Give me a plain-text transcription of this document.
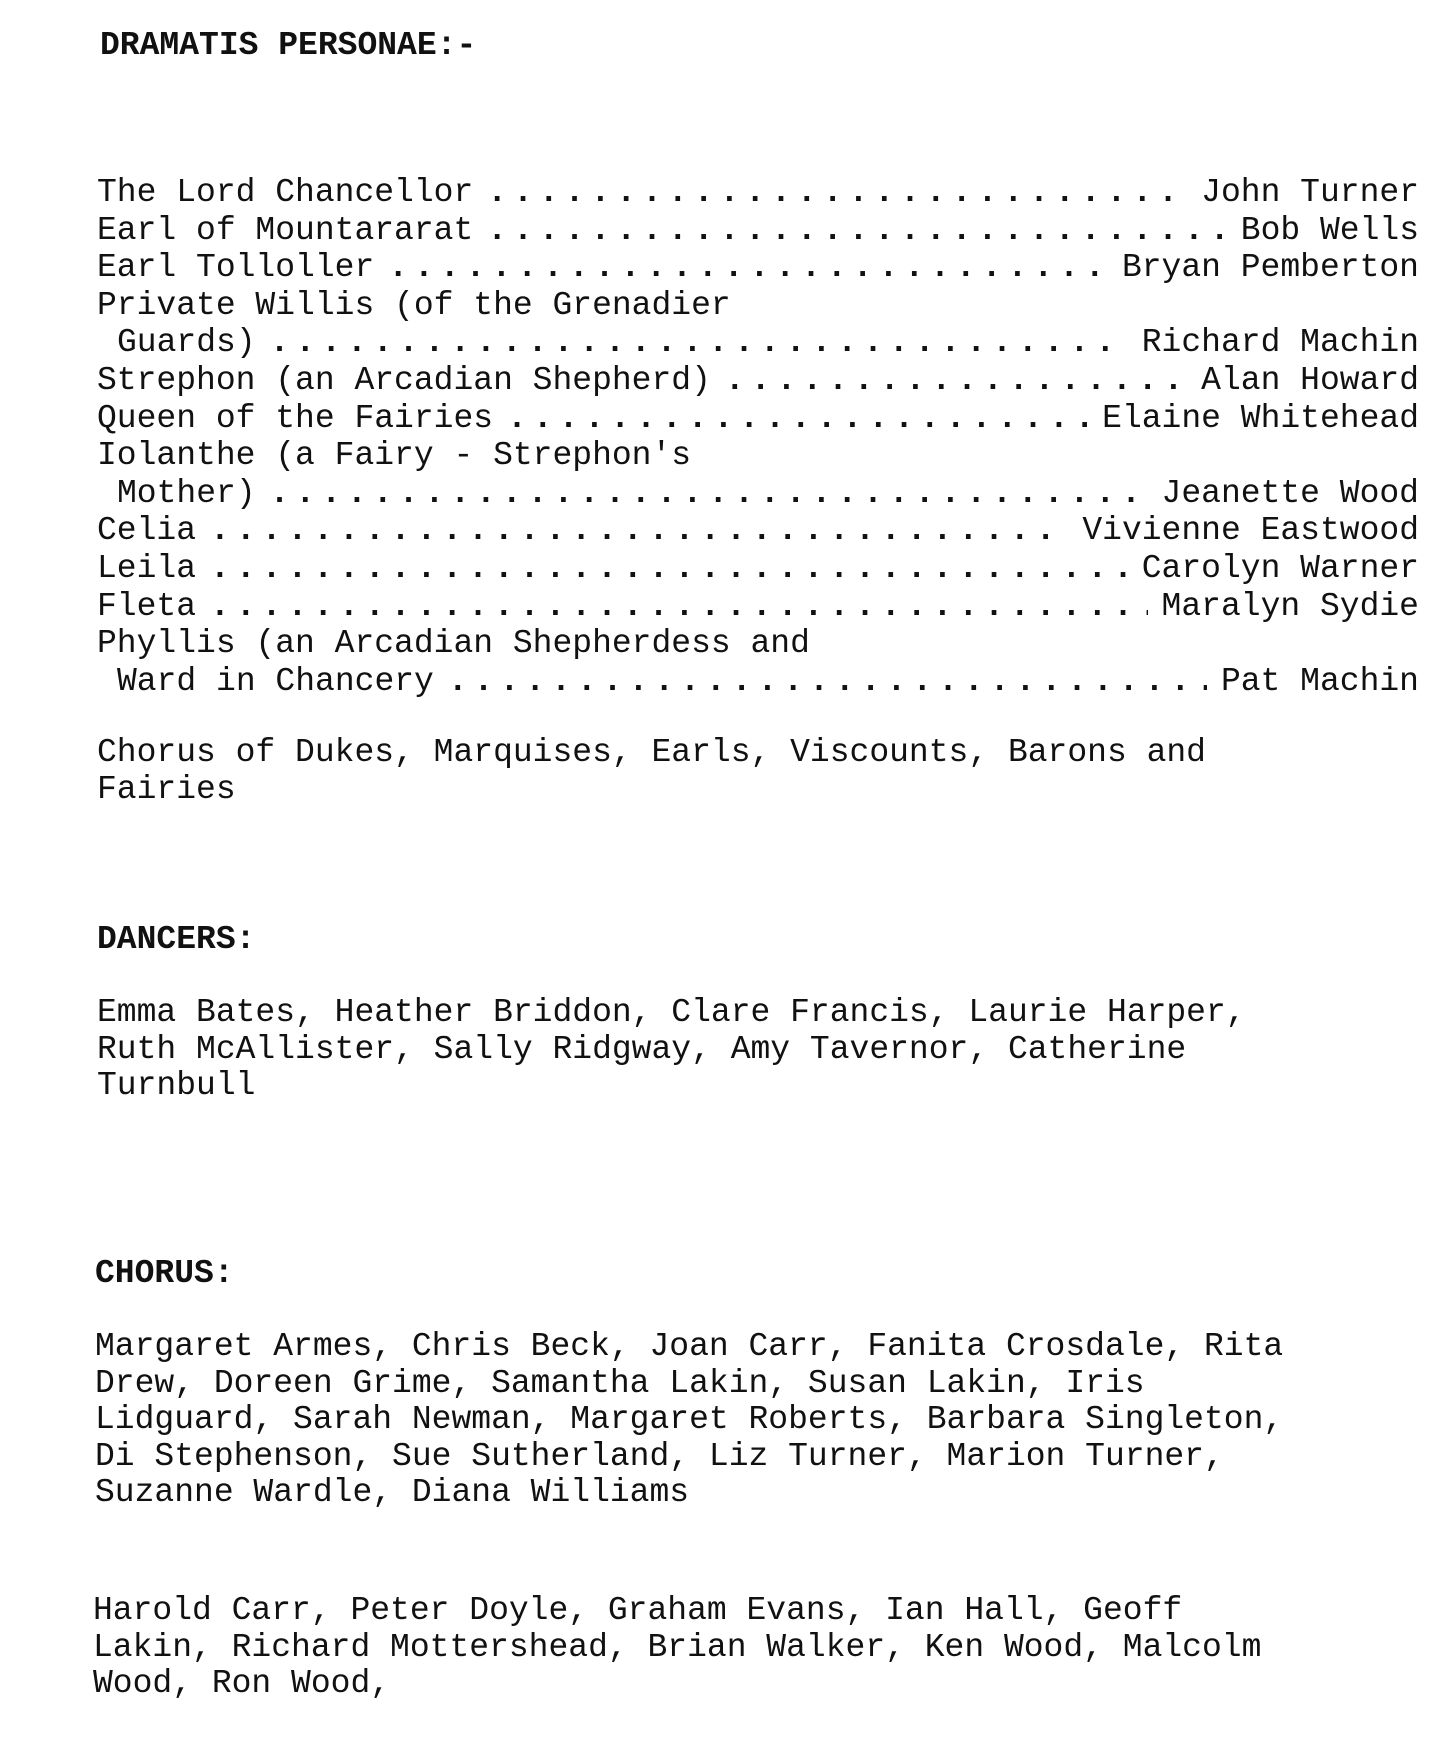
DRAMATIS PERSONAE:-
The Lord Chancellor .....	John Turner
Earl of Mountararat .....	Bob Wells
Earl Tolloller .....	Bryan Pemberton
Private Willis (of the Grenadier
Guards) .....	Richard Machin
Strephon (an Arcadian Shepherd) .....	Alan Howard
Queen of the Fairies .....	Elaine Whitehead
Iolanthe (a Fairy - Strephon's
Mother) .....	Jeanette Wood
Celia .....	Vivienne Eastwood
Leila .....	Carolyn Warner
Fleta .....	Maralyn Sydie
Phyllis (an Arcadian Shepherdess and
Ward in Chancery .....	Pat Machin
Chorus of Dukes, Marquises, Earls, Viscounts, Barons and
Fairies
DANCERS:
Emma Bates, Heather Briddon, Clare Francis, Laurie Harper,
Ruth McAllister, Sally Ridgway, Amy Tavernor, Catherine
Turnbull
CHORUS:
Margaret Armes, Chris Beck, Joan Carr, Fanita Crosdale, Rita
Drew, Doreen Grime, Samantha Lakin, Susan Lakin, Iris
Lidguard, Sarah Newman, Margaret Roberts, Barbara Singleton,
Di Stephenson, Sue Sutherland, Liz Turner, Marion Turner,
Suzanne Wardle, Diana Williams
Harold Carr, Peter Doyle, Graham Evans, Ian Hall, Geoff
Lakin, Richard Mottershead, Brian Walker, Ken Wood, Malcolm
Wood, Ron Wood,
